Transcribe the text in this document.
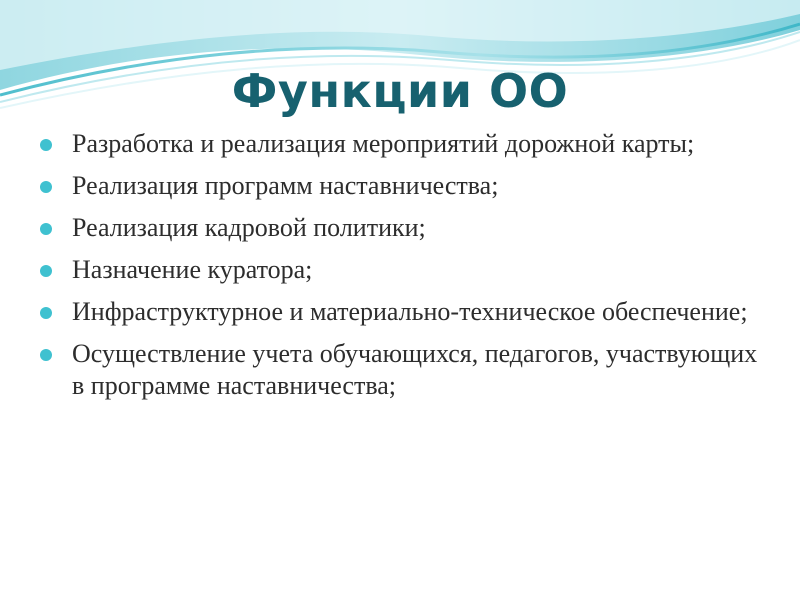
Функции ОО
Разработка и реализация мероприятий дорожной карты;
Реализация программ наставничества;
Реализация кадровой политики;
Назначение куратора;
Инфраструктурное и материально-техническое обеспечение;
Осуществление учета обучающихся, педагогов, участвующих в программе наставничества;
